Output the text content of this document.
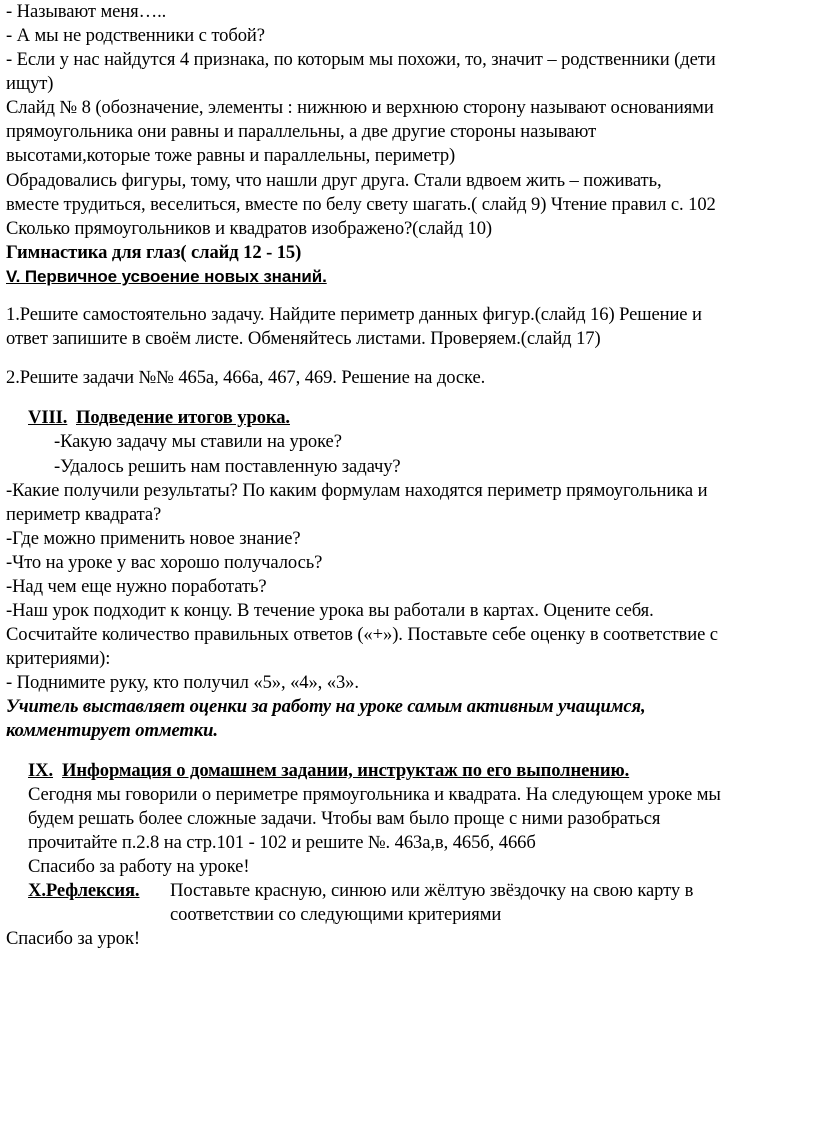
- Называют меня…..
- А мы не родственники с тобой?
- Если у нас найдутся 4 признака, по которым мы похожи, то, значит – родственники (дети
ищут)
Слайд № 8 (обозначение, элементы : нижнюю и верхнюю сторону называют основаниями
прямоугольника они равны и параллельны, а две другие стороны называют
высотами,которые тоже равны и параллельны, периметр)
Обрадовались фигуры, тому, что нашли друг друга. Стали вдвоем жить – поживать,
вместе трудиться, веселиться, вместе по белу свету шагать.( слайд 9) Чтение правил с. 102
Сколько прямоугольников и квадратов изображено?(слайд 10)
Гимнастика для глаз( слайд 12 - 15)
V. Первичное усвоение новых знаний.
1.Решите самостоятельно задачу. Найдите периметр данных фигур.(слайд 16) Решение и
ответ запишите в своём листе. Обменяйтесь листами. Проверяем.(слайд 17)
2.Решите задачи №№ 465а, 466а, 467, 469. Решение на доске.
VIII. Подведение итогов урока.
-Какую задачу мы ставили на уроке?
-Удалось решить нам поставленную задачу?
-Какие получили результаты? По каким формулам находятся периметр прямоугольника и
периметр квадрата?
-Где можно применить новое знание?
-Что на уроке у вас хорошо получалось?
-Над чем еще нужно поработать?
-Наш урок подходит к концу. В течение урока вы работали в картах. Оцените себя.
Сосчитайте количество правильных ответов («+»). Поставьте себе оценку в соответствие с
критериями):
- Поднимите руку, кто получил «5», «4», «3».
Учитель выставляет оценки за работу на уроке самым активным учащимся,
комментирует отметки.
IX. Информация о домашнем задании, инструктаж по его выполнению.
Сегодня мы говорили о периметре прямоугольника и квадрата. На следующем уроке мы
будем решать более сложные задачи. Чтобы вам было проще с ними разобраться
прочитайте п.2.8 на стр.101 - 102 и решите №. 463а,в, 465б, 466б
Спасибо за работу на уроке!
X.Рефлексия. Поставьте красную, синюю или жёлтую звёздочку на свою карту в
соответствии со следующими критериями
Спасибо за урок!
